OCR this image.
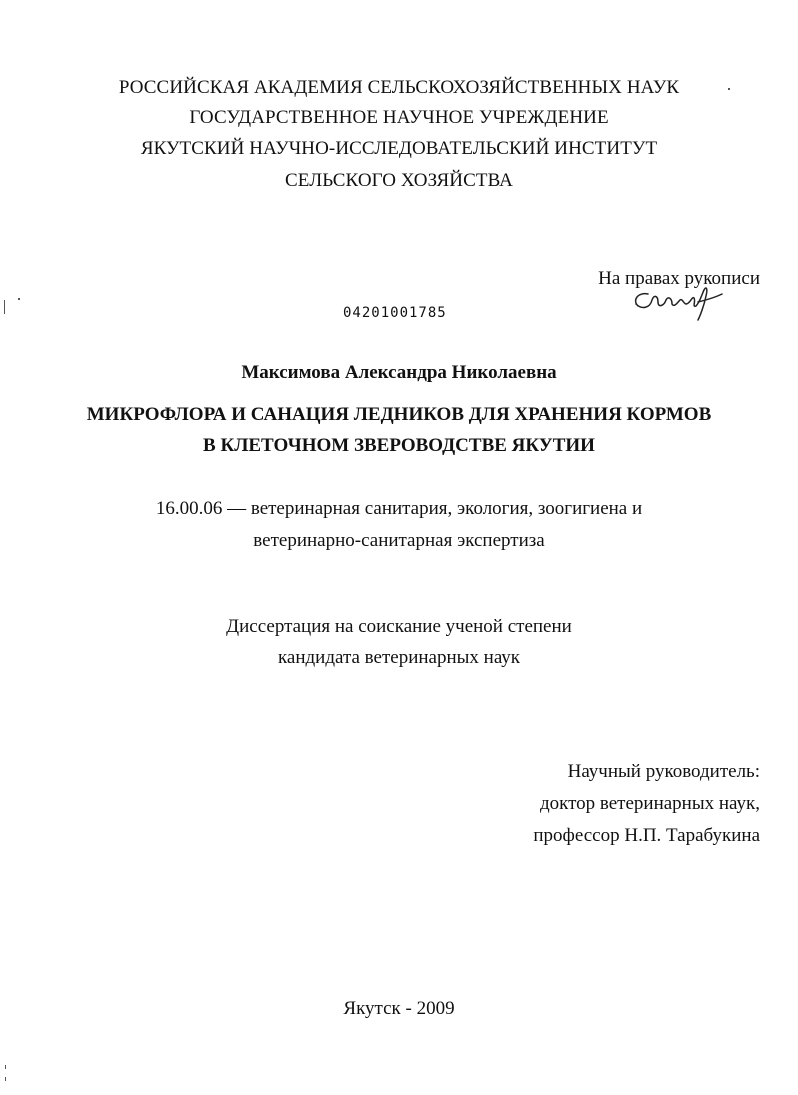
РОССИЙСКАЯ АКАДЕМИЯ СЕЛЬСКОХОЗЯЙСТВЕННЫХ НАУК
ГОСУДАРСТВЕННОЕ НАУЧНОЕ УЧРЕЖДЕНИЕ
ЯКУТСКИЙ НАУЧНО-ИССЛЕДОВАТЕЛЬСКИЙ ИНСТИТУТ
СЕЛЬСКОГО ХОЗЯЙСТВА
На правах рукописи
04201001785
Максимова Александра Николаевна
МИКРОФЛОРА И САНАЦИЯ ЛЕДНИКОВ ДЛЯ ХРАНЕНИЯ КОРМОВ
В КЛЕТОЧНОМ ЗВЕРОВОДСТВЕ ЯКУТИИ
16.00.06 — ветеринарная санитария, экология, зоогигиена и
ветеринарно-санитарная экспертиза
Диссертация на соискание ученой степени
кандидата ветеринарных наук
Научный руководитель:
доктор ветеринарных наук,
профессор Н.П. Тарабукина
Якутск - 2009
